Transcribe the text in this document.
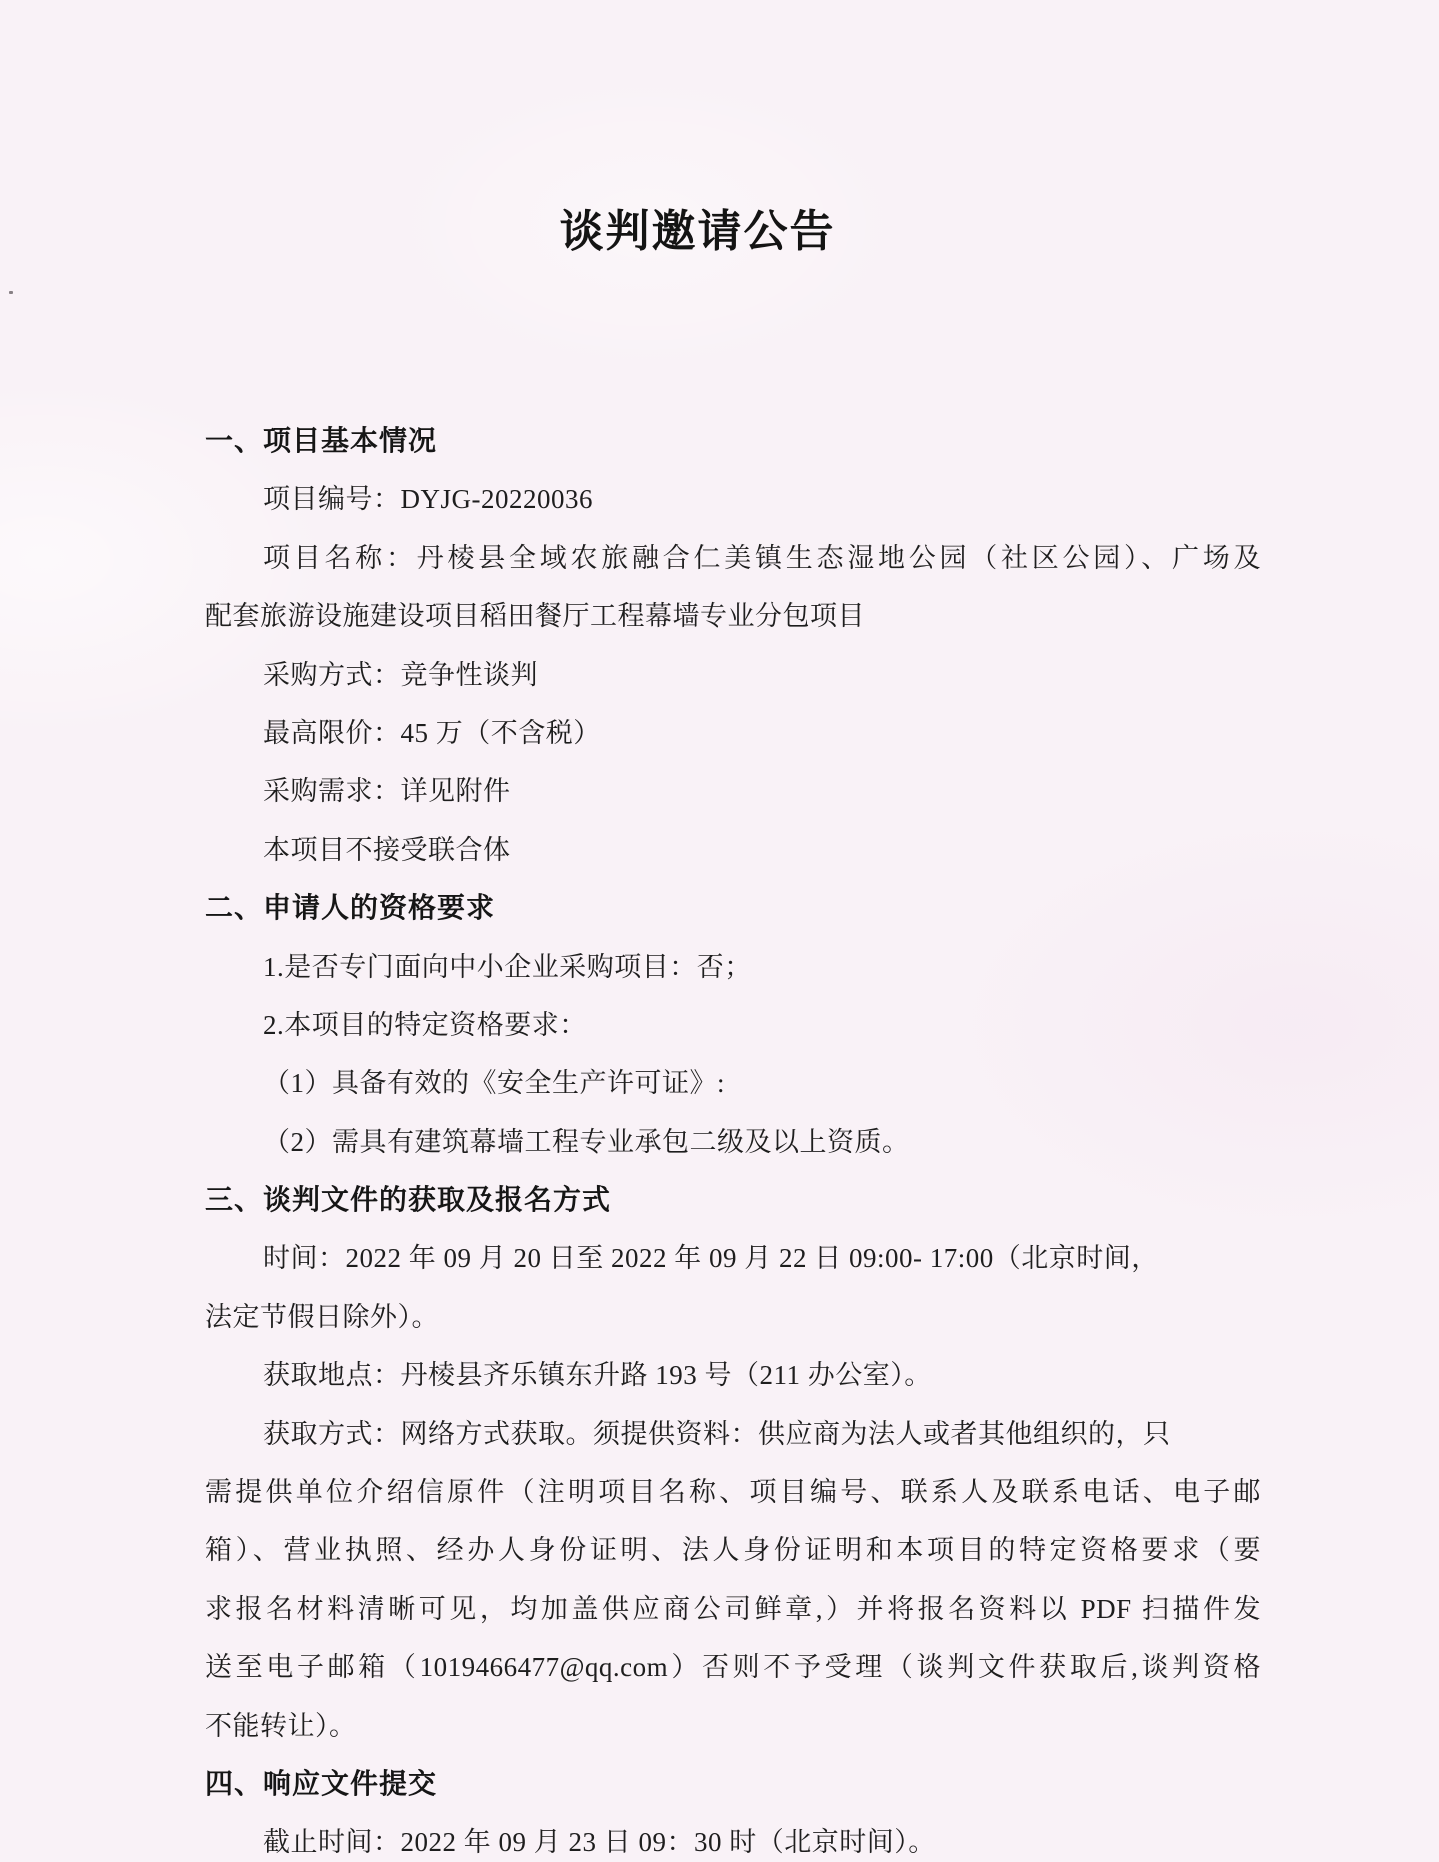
谈判邀请公告
一、项目基本情况
项目编号：DYJG-20220036
项目名称：丹棱县全域农旅融合仁美镇生态湿地公园（社区公园）、广场及
配套旅游设施建设项目稻田餐厅工程幕墙专业分包项目
采购方式：竞争性谈判
最高限价：45 万（不含税）
采购需求：详见附件
本项目不接受联合体
二、申请人的资格要求
1.是否专门面向中小企业采购项目：否；
2.本项目的特定资格要求：
（1）具备有效的《安全生产许可证》:
（2）需具有建筑幕墙工程专业承包二级及以上资质。
三、谈判文件的获取及报名方式
时间：2022 年 09 月 20 日至 2022 年 09 月 22 日 09:00- 17:00（北京时间，
法定节假日除外）。
获取地点：丹棱县齐乐镇东升路 193 号（211 办公室）。
获取方式：网络方式获取。须提供资料：供应商为法人或者其他组织的，只
需提供单位介绍信原件（注明项目名称、项目编号、联系人及联系电话、电子邮
箱）、营业执照、经办人身份证明、法人身份证明和本项目的特定资格要求（要
求报名材料清晰可见，均加盖供应商公司鲜章,）并将报名资料以 PDF 扫描件发
送至电子邮箱（1019466477@qq.com）否则不予受理（谈判文件获取后,谈判资格
不能转让）。
四、响应文件提交
截止时间：2022 年 09 月 23 日 09：30 时（北京时间）。
